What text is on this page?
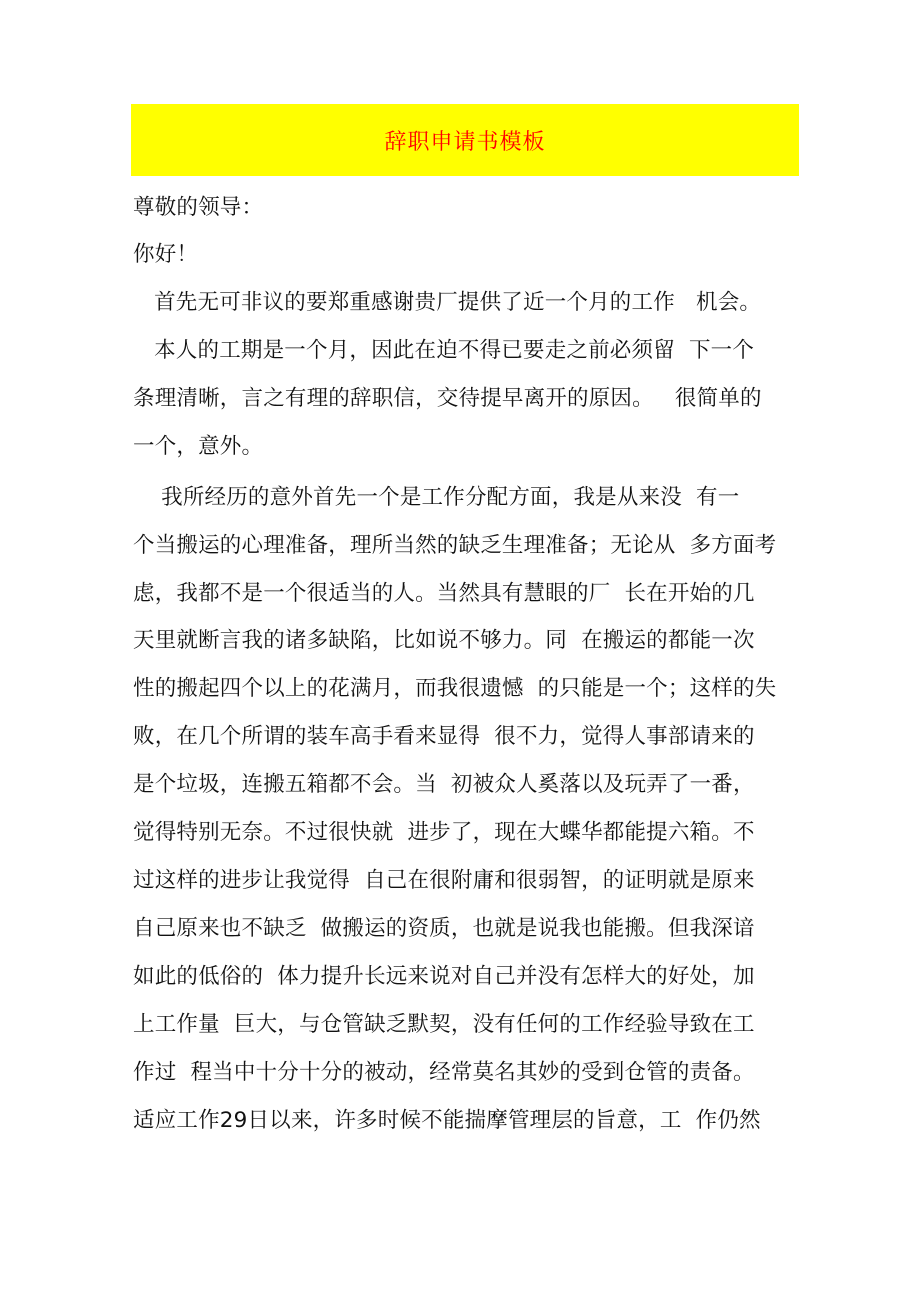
辞职申请书模板
尊敬的领导：
你好！
首先无可非议的要郑重感谢贵厂提供了近一个月的工作   机会。
本人的工期是一个月，因此在迫不得已要走之前必须留  下一个
条理清晰，言之有理的辞职信，交待提早离开的原因。   很简单的
一个，意外。
我所经历的意外首先一个是工作分配方面，我是从来没  有一
个当搬运的心理准备，理所当然的缺乏生理准备；无论从  多方面考
虑，我都不是一个很适当的人。当然具有慧眼的厂  长在开始的几
天里就断言我的诸多缺陷，比如说不够力。同  在搬运的都能一次
性的搬起四个以上的花满月，而我很遗憾  的只能是一个；这样的失
败，在几个所谓的装车高手看来显得  很不力，觉得人事部请来的
是个垃圾，连搬五箱都不会。当  初被众人奚落以及玩弄了一番，
觉得特别无奈。不过很快就  进步了，现在大蝶华都能提六箱。不
过这样的进步让我觉得  自己在很附庸和很弱智，的证明就是原来
自己原来也不缺乏  做搬运的资质，也就是说我也能搬。但我深谙
如此的低俗的  体力提升长远来说对自己并没有怎样大的好处，加
上工作量  巨大，与仓管缺乏默契，没有任何的工作经验导致在工
作过  程当中十分十分的被动，经常莫名其妙的受到仓管的责备。
适应工作29日以来，许多时候不能揣摩管理层的旨意，工  作仍然
